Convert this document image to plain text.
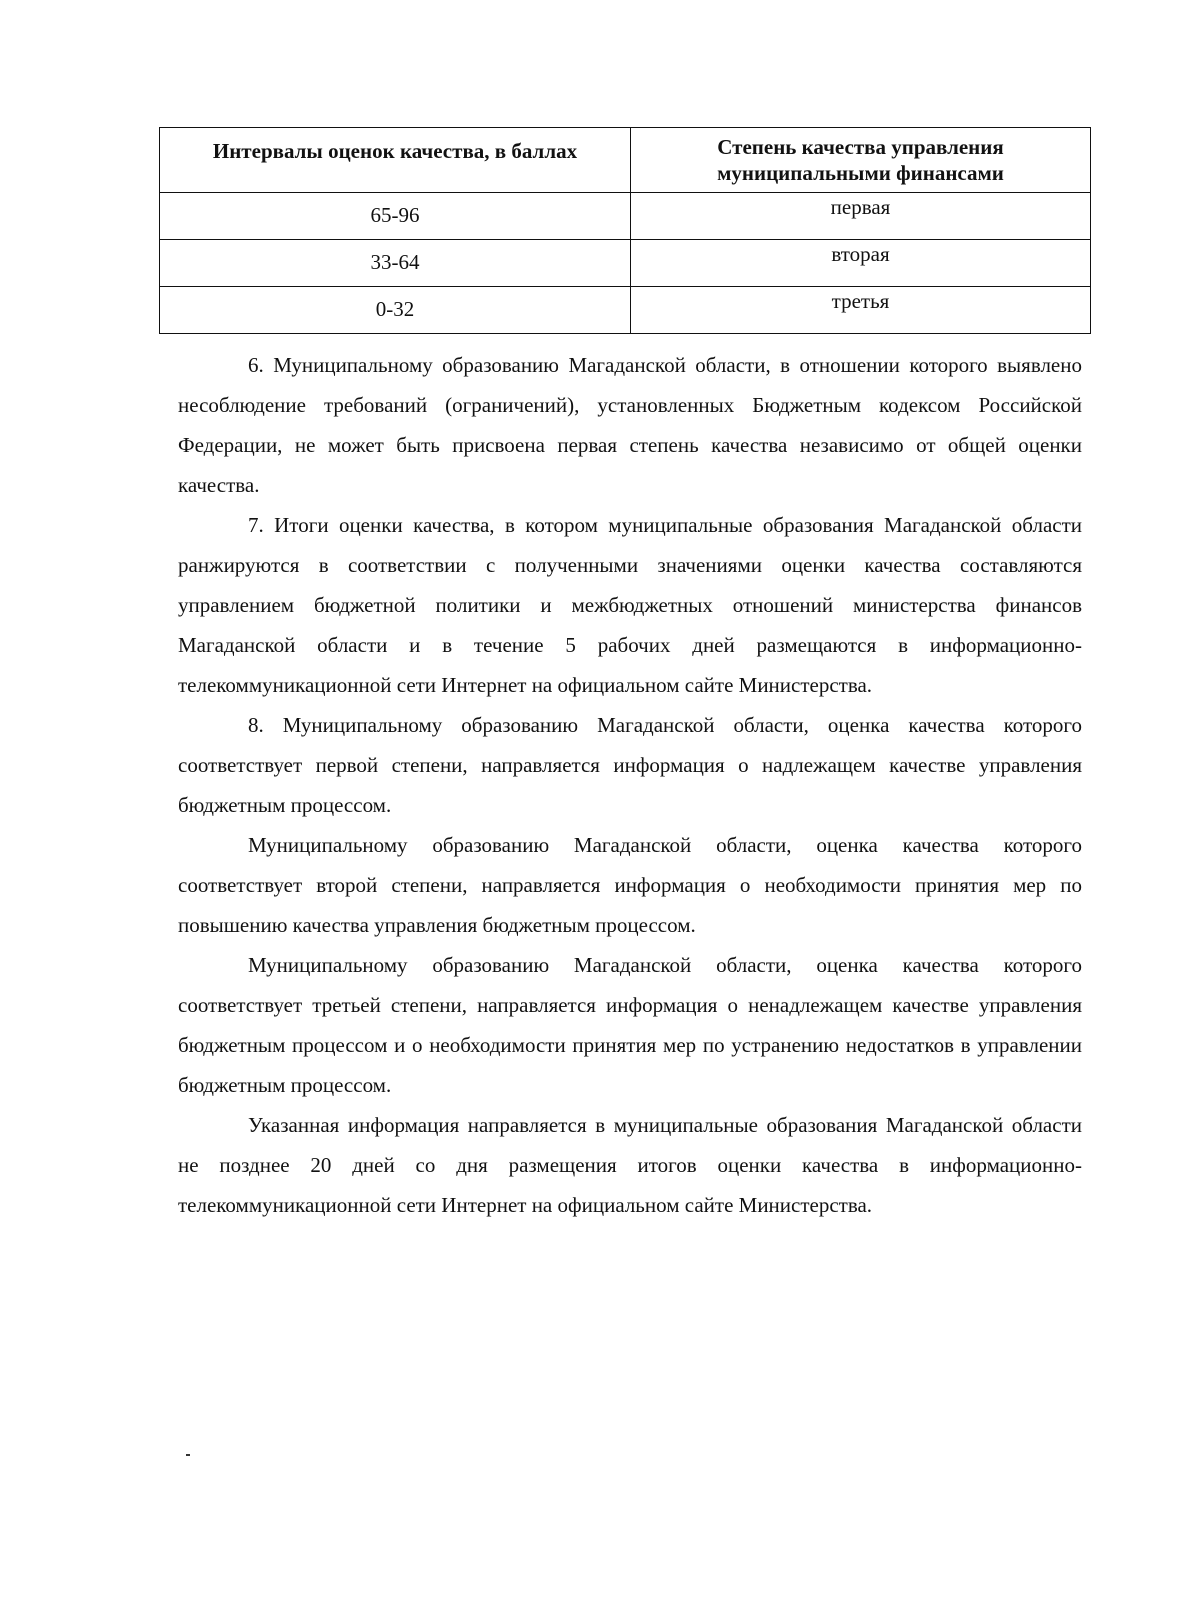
Интервалы оценок качества, в баллах	Степень качества управления муниципальными финансами
65-96	первая
33-64	вторая
0-32	третья

6. Муниципальному образованию Магаданской области, в отношении которого выявлено несоблюдение требований (ограничений), установленных Бюджетным кодексом Российской Федерации, не может быть присвоена первая степень качества независимо от общей оценки качества.

7. Итоги оценки качества, в котором муниципальные образования Магаданской области ранжируются в соответствии с полученными значениями оценки качества составляются управлением бюджетной политики и межбюджетных отношений министерства финансов Магаданской области и в течение 5 рабочих дней размещаются в информационно-телекоммуникационной сети Интернет на официальном сайте Министерства.

8. Муниципальному образованию Магаданской области, оценка качества которого соответствует первой степени, направляется информация о надлежащем качестве управления бюджетным процессом.

Муниципальному образованию Магаданской области, оценка качества которого соответствует второй степени, направляется информация о необходимости принятия мер по повышению качества управления бюджетным процессом.

Муниципальному образованию Магаданской области, оценка качества которого соответствует третьей степени, направляется информация о ненадлежащем качестве управления бюджетным процессом и о необходимости принятия мер по устранению недостатков в управлении бюджетным процессом.

Указанная информация направляется в муниципальные образования Магаданской области не позднее 20 дней со дня размещения итогов оценки качества в информационно-телекоммуникационной сети Интернет на официальном сайте Министерства.
